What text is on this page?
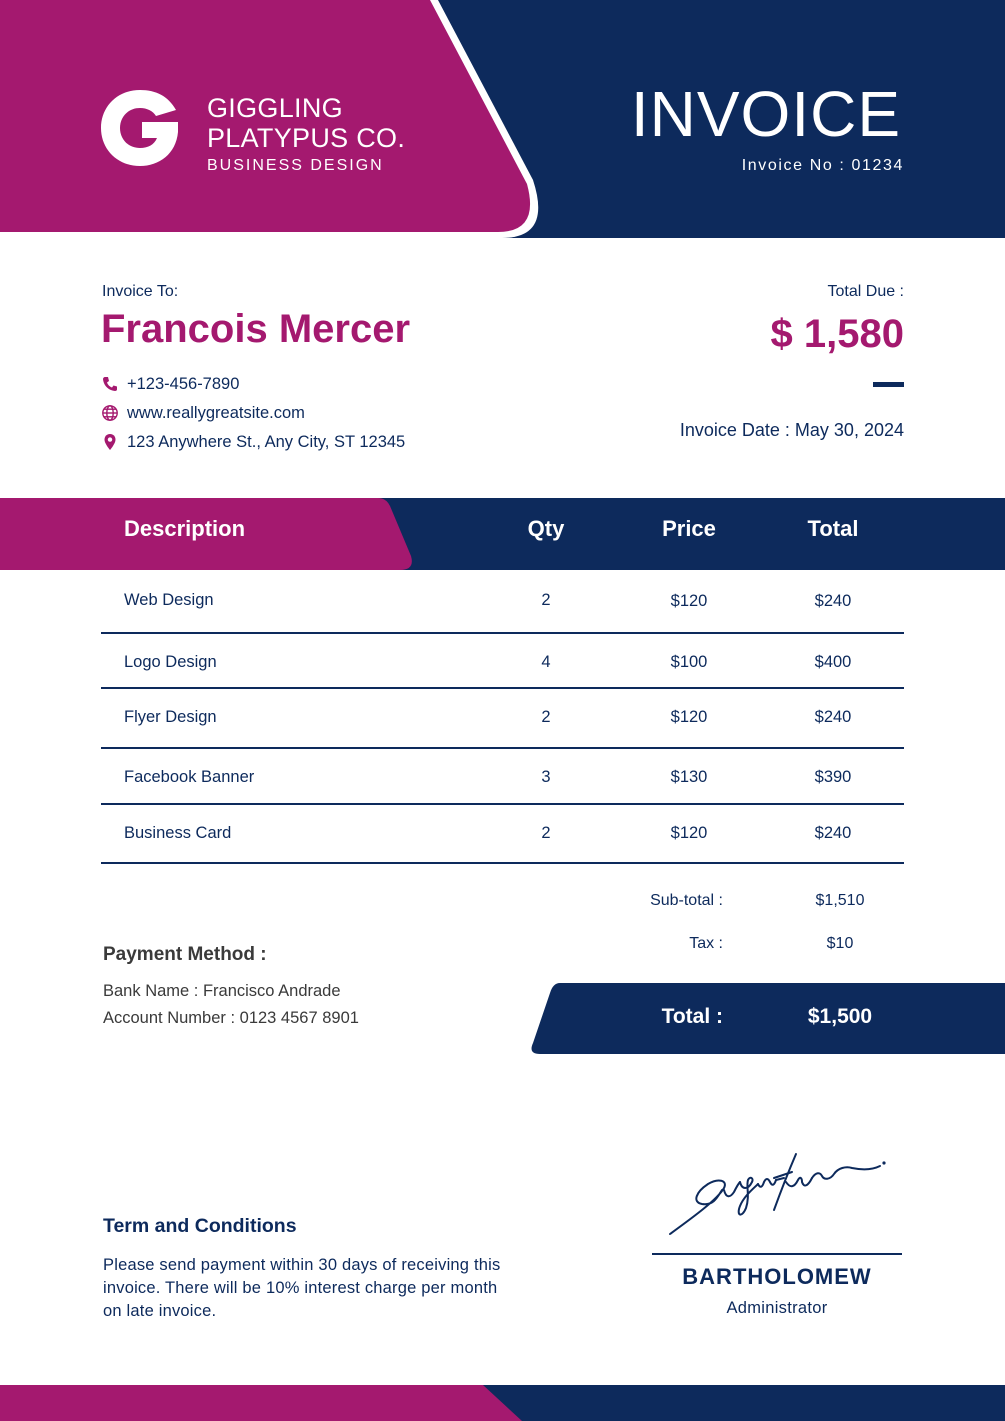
GIGGLING
PLATYPUS CO.
BUSINESS DESIGN
INVOICE
Invoice No : 01234
Invoice To:
Francois Mercer
+123-456-7890
www.reallygreatsite.com
123 Anywhere St., Any City, ST 12345
Total Due :
$ 1,580
Invoice Date : May 30, 2024
Description	Qty	Price	Total
Web Design	2	$120	$240
Logo Design	4	$100	$400
Flyer Design	2	$120	$240
Facebook Banner	3	$130	$390
Business Card	2	$120	$240
Sub-total :	$1,510
Tax :	$10
Total :	$1,500
Payment Method :
Bank Name : Francisco Andrade
Account Number : 0123 4567 8901
Term and Conditions
Please send payment within 30 days of receiving this invoice. There will be 10% interest charge per month on late invoice.
BARTHOLOMEW
Administrator
